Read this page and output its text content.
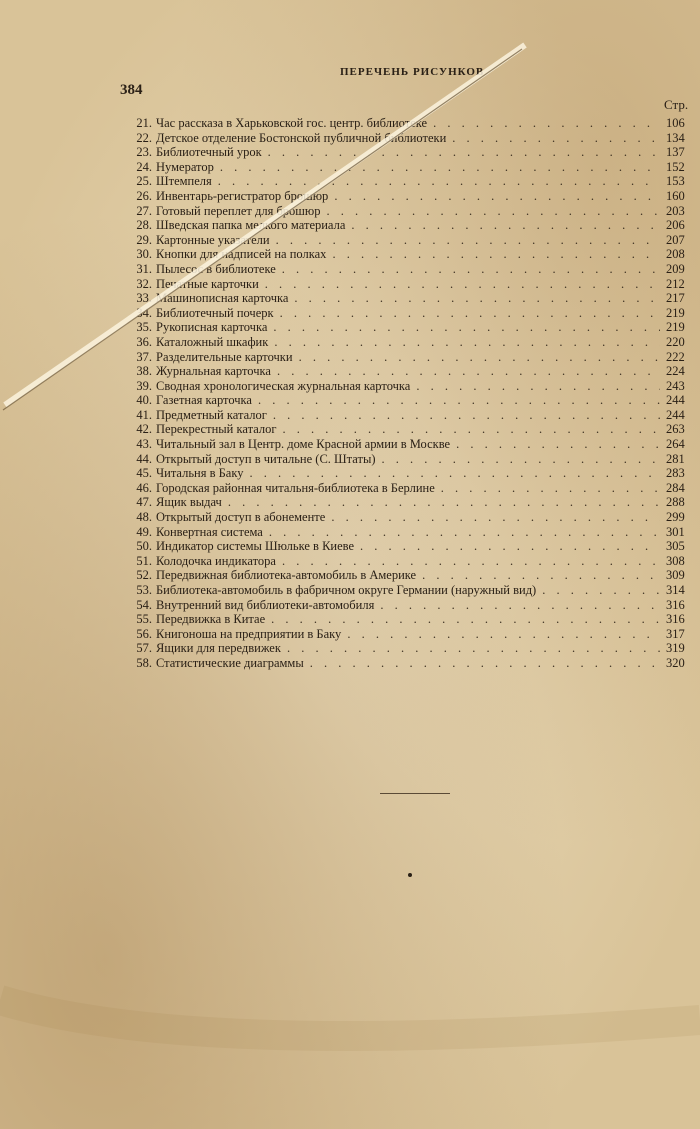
384
ПЕРЕЧЕНЬ РИСУНКОВ
Стр.
21. Час рассказа в Харьковской гос. центр. библиотеке . . .	106
22. Детское отделение Бостонской публичной библиотеки . . .	134
23. Библиотечный урок . . .	137
24. Нумератор . . .	152
25. Штемпеля . . .	153
26. Инвентарь-регистратор брошюр . . .	160
27. Готовый переплет для брошюр . . .	203
28. Шведская папка мелкого материала . . .	206
29. Картонные указатели . . .	207
30. Кнопки для надписей на полках . . .	208
31. Пылесос в библиотеке . . .	209
32. Печатные карточки . . .	212
33. Машинописная карточка . . .	217
34. Библиотечный почерк . . .	219
35. Рукописная карточка . . .	219
36. Каталожный шкафик . . .	220
37. Разделительные карточки . . .	222
38. Журнальная карточка . . .	224
39. Сводная хронологическая журнальная карточка . . .	243
40. Газетная карточка . . .	244
41. Предметный каталог . . .	244
42. Перекрестный каталог . . .	263
43. Читальный зал в Центр. доме Красной армии в Москве . . .	264
44. Открытый доступ в читальне (С. Штаты) . . .	281
45. Читальня в Баку . . .	283
46. Городская районная читальня-библиотека в Берлине . . .	284
47. Ящик выдач . . .	288
48. Открытый доступ в абонементе . . .	299
49. Конвертная система . . .	301
50. Индикатор системы Шюльке в Киеве . . .	305
51. Колодочка индикатора . . .	308
52. Передвижная библиотека-автомобиль в Америке . . .	309
53. Библиотека-автомобиль в фабричном округе Германии (наружный вид) . . .	314
54. Внутренний вид библиотеки-автомобиля . . .	316
55. Передвижка в Китае . . .	316
56. Книгоноша на предприятии в Баку . . .	317
57. Ящики для передвижек . . .	319
58. Статистические диаграммы . . .	320
